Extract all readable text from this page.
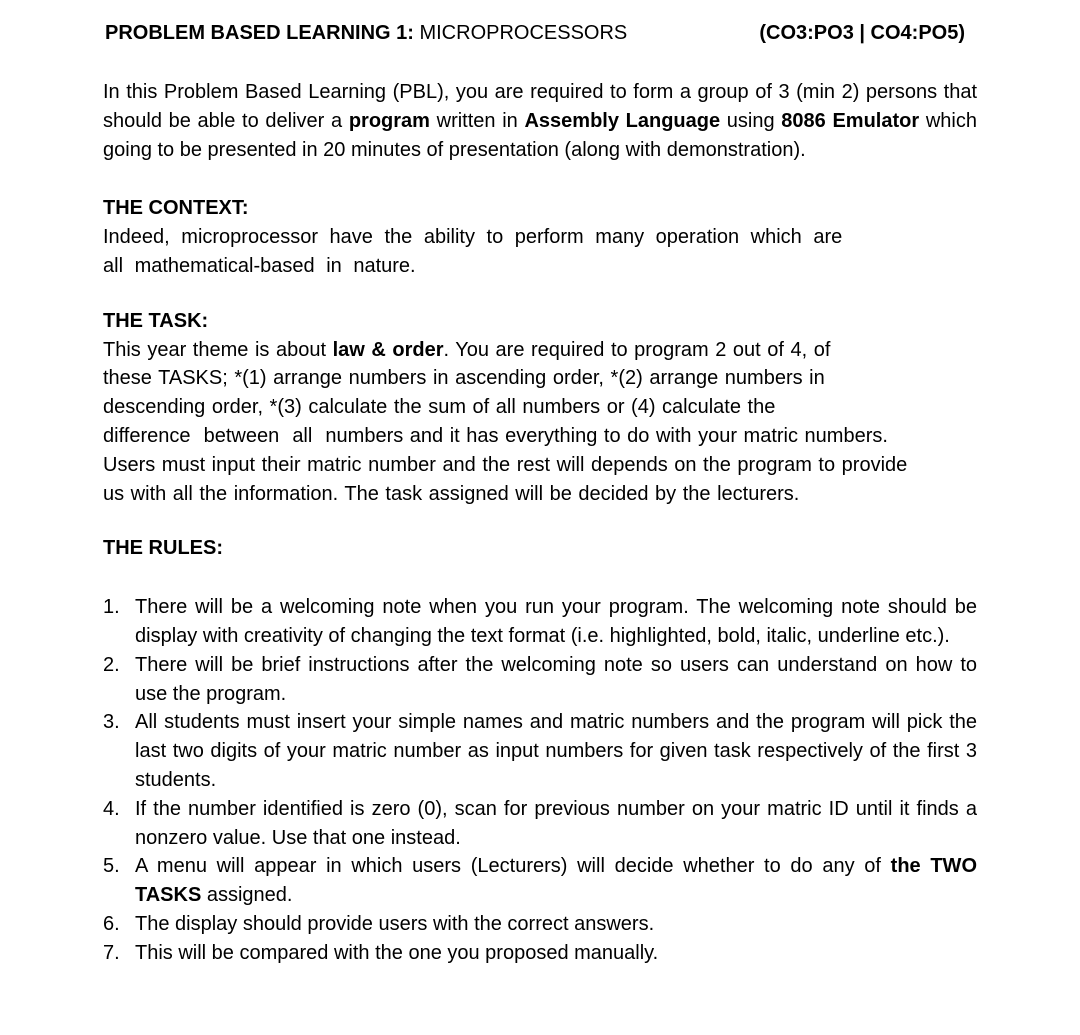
PROBLEM BASED LEARNING 1: MICROPROCESSORS	(CO3:PO3 | CO4:PO5)

In this Problem Based Learning (PBL), you are required to form a group of 3 (min 2) persons that should be able to deliver a program written in Assembly Language using 8086 Emulator which going to be presented in 20 minutes of presentation (along with demonstration).

THE CONTEXT:

Indeed, microprocessor have the ability to perform many operation which are

all mathematical-based in nature.

THE TASK:

This year theme is about law & order. You are required to program 2 out of 4, of

these TASKS; *(1) arrange numbers in ascending order, *(2) arrange numbers in

descending order, *(3) calculate the sum of all numbers or (4) calculate the

difference  between  all  numbers and it has everything to do with your matric numbers.

Users must input their matric number and the rest will depends on the program to provide

us with all the information. The task assigned will be decided by the lecturers.

THE RULES:
1. There will be a welcoming note when you run your program. The welcoming note should be display with creativity of changing the text format (i.e. highlighted, bold, italic, underline etc.).
2. There will be brief instructions after the welcoming note so users can understand on how to use the program.
3. All students must insert your simple names and matric numbers and the program will pick the last two digits of your matric number as input numbers for given task respectively of the first 3 students.
4. If the number identified is zero (0), scan for previous number on your matric ID until it finds a nonzero value. Use that one instead.
5. A menu will appear in which users (Lecturers) will decide whether to do any of the TWO TASKS assigned.
6. The display should provide users with the correct answers.
7. This will be compared with the one you proposed manually.
